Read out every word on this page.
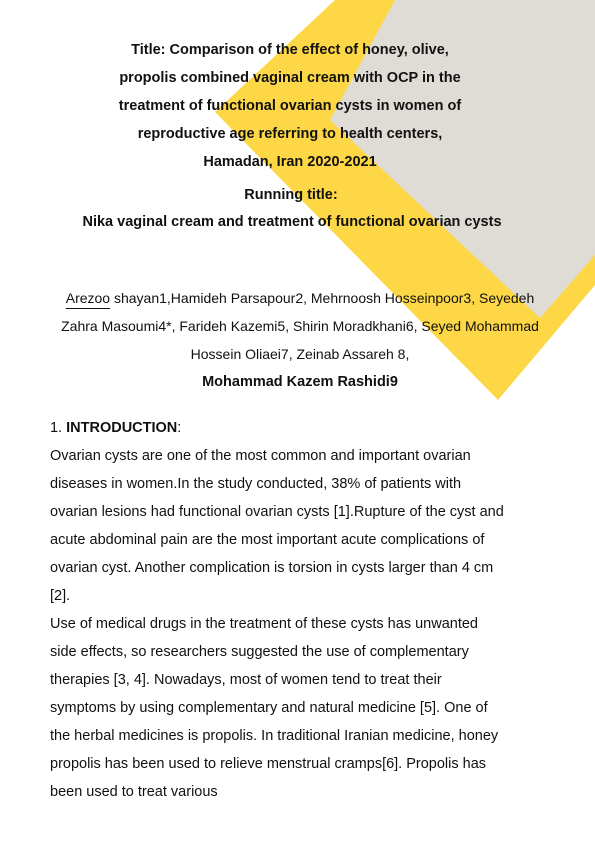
Title: Comparison of the effect of honey, olive,
propolis combined vaginal cream with OCP in the
treatment of functional ovarian cysts in women of
reproductive age referring to health centers,
Hamadan, Iran 2020-2021
Running title:
Nika vaginal cream and treatment of functional ovarian cysts
Arezoo shayan1,Hamideh Parsapour2, Mehrnoosh Hosseinpoor3, Seyedeh
Zahra Masoumi4*, Farideh Kazemi5, Shirin Moradkhani6, Seyed Mohammad
Hossein Oliaei7, Zeinab Assareh 8,
Mohammad Kazem Rashidi9
1. INTRODUCTION:
Ovarian cysts are one of the most common and important ovarian
diseases in women.In the study conducted, 38% of patients with
ovarian lesions had functional ovarian cysts [1].Rupture of the cyst and
acute abdominal pain are the most important acute complications of
ovarian cyst. Another complication is torsion in cysts larger than 4 cm
[2].
Use of medical drugs in the treatment of these cysts has unwanted
side effects, so researchers suggested the use of complementary
therapies [3, 4]. Nowadays, most of women tend to treat their
symptoms by using complementary and natural medicine [5]. One of
the herbal medicines is propolis. In traditional Iranian medicine, honey
propolis has been used to relieve menstrual cramps[6]. Propolis has
been used to treat various
